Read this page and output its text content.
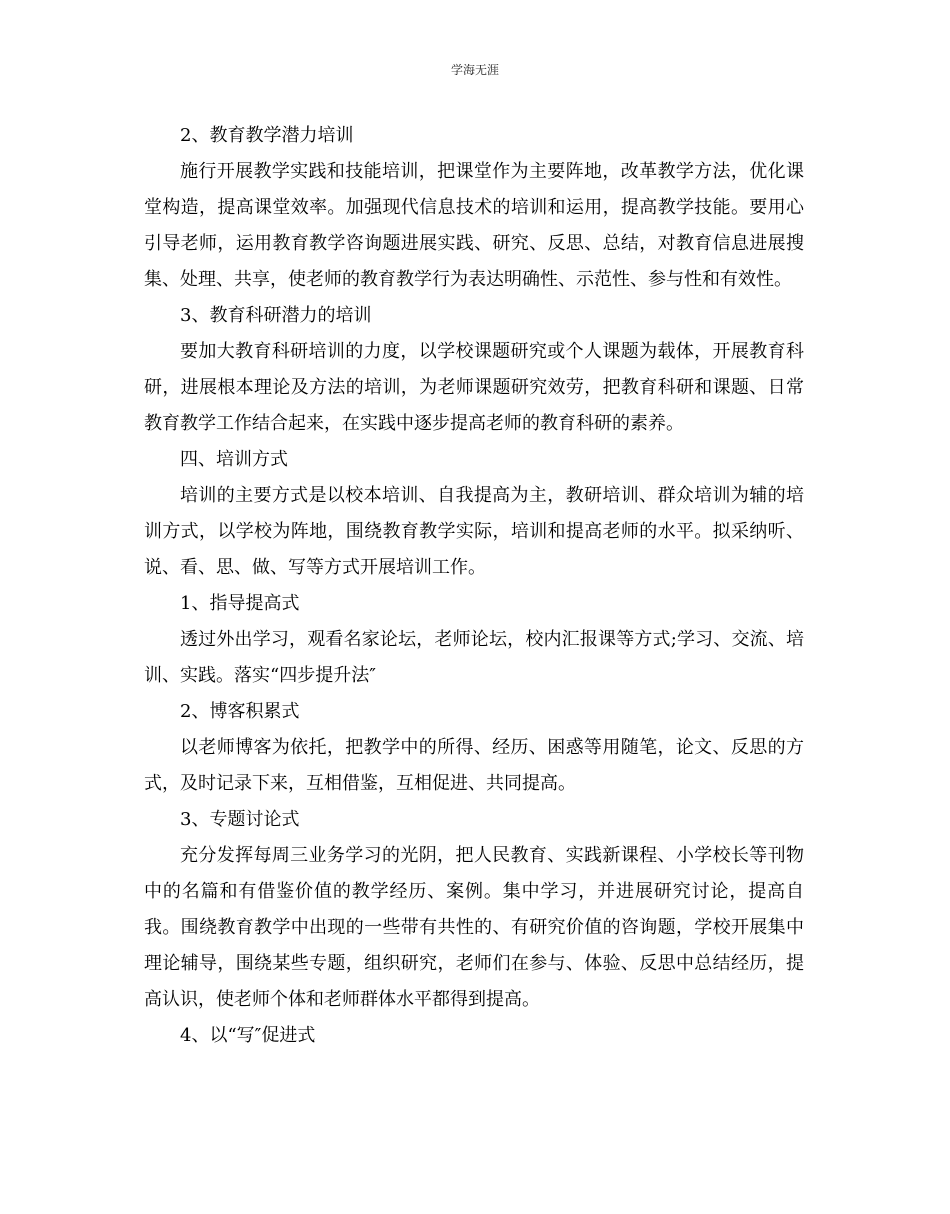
学海无涯

2、教育教学潜力培训

施行开展教学实践和技能培训，把课堂作为主要阵地，改革教学方法，优化课堂构造，提高课堂效率。加强现代信息技术的培训和运用，提高教学技能。要用心引导老师，运用教育教学咨询题进展实践、研究、反思、总结，对教育信息进展搜集、处理、共享，使老师的教育教学行为表达明确性、示范性、参与性和有效性。

3、教育科研潜力的培训

要加大教育科研培训的力度，以学校课题研究或个人课题为载体，开展教育科研，进展根本理论及方法的培训，为老师课题研究效劳，把教育科研和课题、日常教育教学工作结合起来，在实践中逐步提高老师的教育科研的素养。

四、培训方式

培训的主要方式是以校本培训、自我提高为主，教研培训、群众培训为辅的培训方式，以学校为阵地，围绕教育教学实际，培训和提高老师的水平。拟采纳听、说、看、思、做、写等方式开展培训工作。

1、指导提高式

透过外出学习，观看名家论坛，老师论坛，校内汇报课等方式;学习、交流、培训、实践。落实“四步提升法″

2、博客积累式

以老师博客为依托，把教学中的所得、经历、困惑等用随笔，论文、反思的方式，及时记录下来，互相借鉴，互相促进、共同提高。

3、专题讨论式

充分发挥每周三业务学习的光阴，把人民教育、实践新课程、小学校长等刊物中的名篇和有借鉴价值的教学经历、案例。集中学习，并进展研究讨论，提高自我。围绕教育教学中出现的一些带有共性的、有研究价值的咨询题，学校开展集中理论辅导，围绕某些专题，组织研究，老师们在参与、体验、反思中总结经历，提高认识，使老师个体和老师群体水平都得到提高。

4、以“写″促进式
